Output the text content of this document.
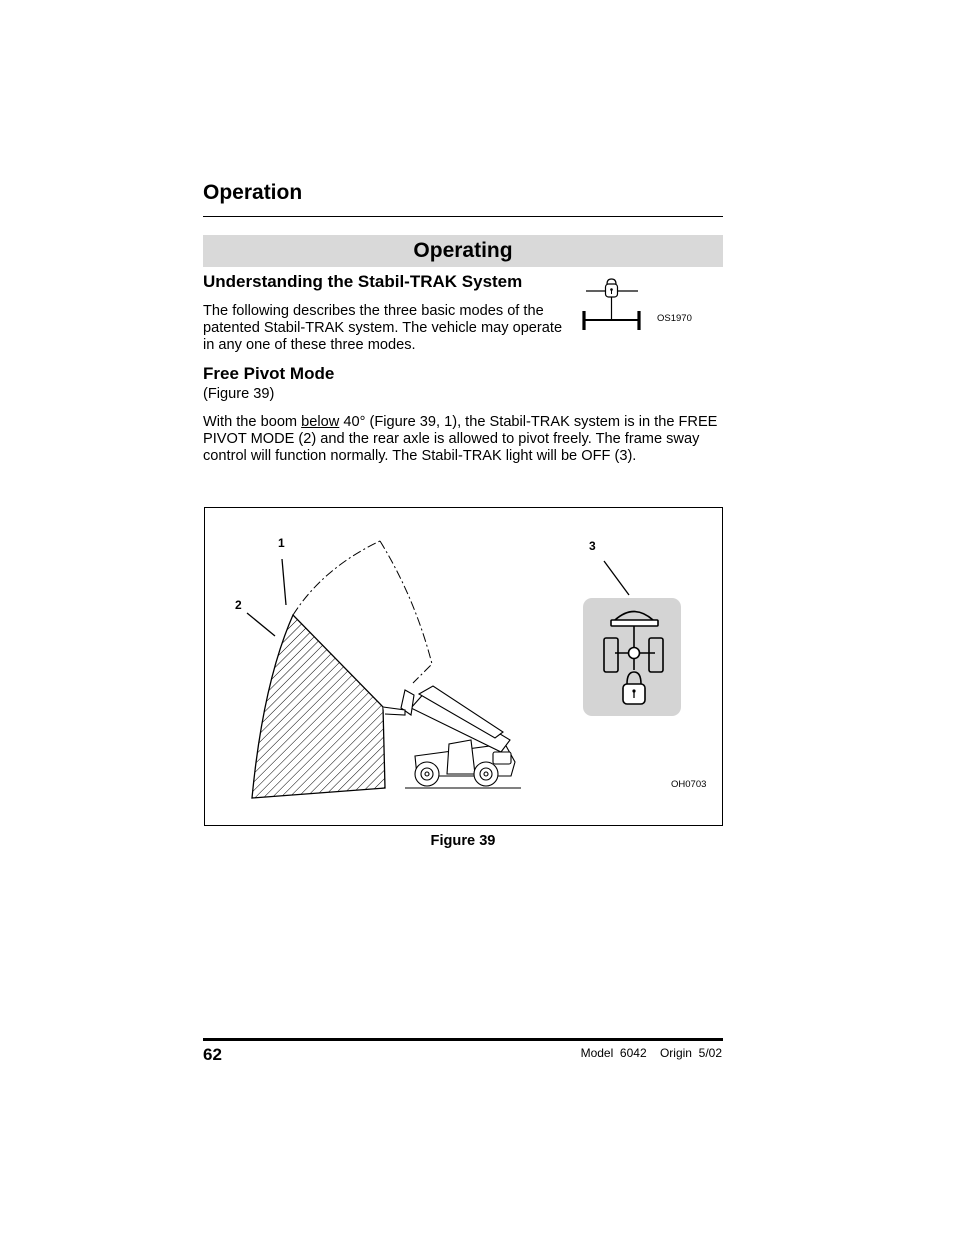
Operation
Operating
Understanding the Stabil-TRAK System
The following describes the three basic modes of the patented Stabil-TRAK system. The vehicle may operate in any one of these three modes.
OS1970
Free Pivot Mode
(Figure 39)
With the boom below 40° (Figure 39, 1), the Stabil-TRAK system is in the FREE PIVOT MODE (2) and the rear axle is allowed to pivot freely. The frame sway control will function normally. The Stabil-TRAK light will be OFF (3).
1
2
3
OH0703
Figure 39
62	Model  6042    Origin  5/02
